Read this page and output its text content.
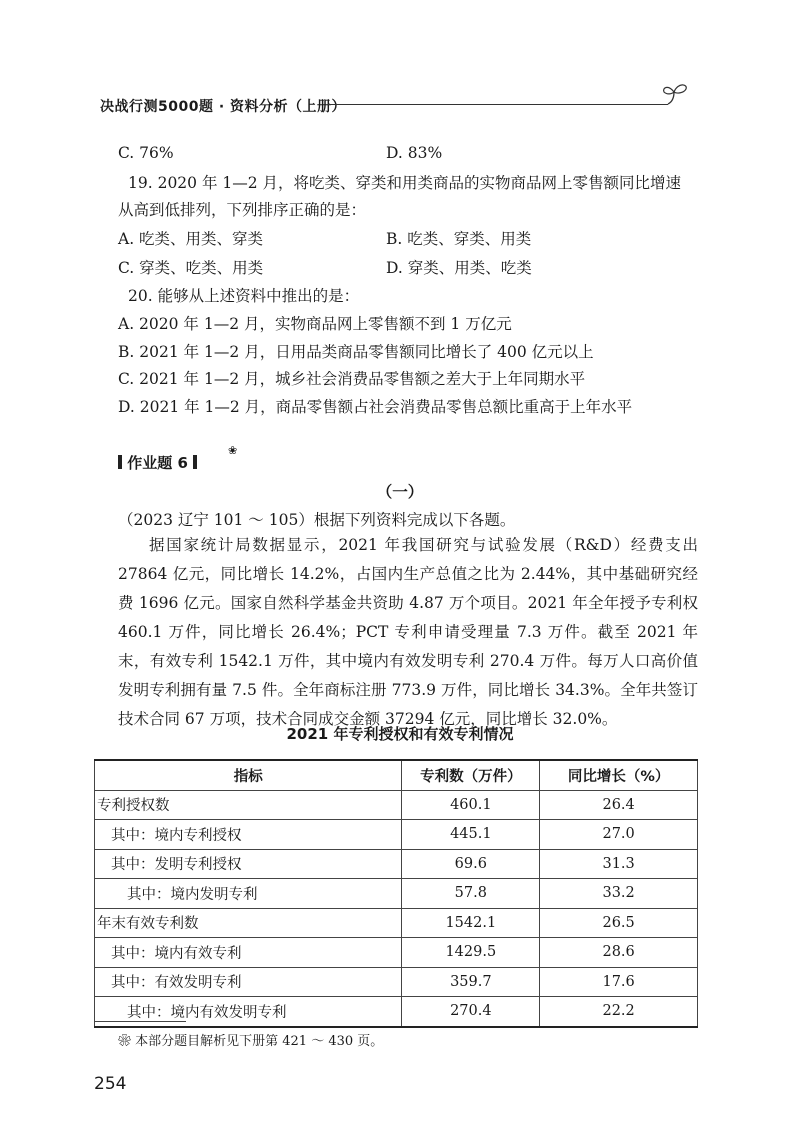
决战行测5000题 · 资料分析（上册）
C. 76%	D. 83%
19. 2020 年 1—2 月，将吃类、穿类和用类商品的实物商品网上零售额同比增速
从高到低排列，下列排序正确的是：
A. 吃类、用类、穿类	B. 吃类、穿类、用类
C. 穿类、吃类、用类	D. 穿类、用类、吃类
20. 能够从上述资料中推出的是：
A. 2020 年 1—2 月，实物商品网上零售额不到 1 万亿元
B. 2021 年 1—2 月，日用品类商品零售额同比增长了 400 亿元以上
C. 2021 年 1—2 月，城乡社会消费品零售额之差大于上年同期水平
D. 2021 年 1—2 月，商品零售额占社会消费品零售总额比重高于上年水平
作业题 6
❀
（一）
（2023 辽宁 101 ～ 105）根据下列资料完成以下各题。
据国家统计局数据显示，2021 年我国研究与试验发展（R&D）经费支出 27864 亿元，同比增长 14.2%，占国内生产总值之比为 2.44%，其中基础研究经费 1696 亿元。国家自然科学基金共资助 4.87 万个项目。2021 年全年授予专利权 460.1 万件，同比增长 26.4%；PCT 专利申请受理量 7.3 万件。截至 2021 年末，有效专利 1542.1 万件，其中境内有效发明专利 270.4 万件。每万人口高价值发明专利拥有量 7.5 件。全年商标注册 773.9 万件，同比增长 34.3%。全年共签订技术合同 67 万项，技术合同成交金额 37294 亿元，同比增长 32.0%。
2021 年专利授权和有效专利情况
指标	专利数（万件）	同比增长（%）
专利授权数	460.1	26.4
其中：境内专利授权	445.1	27.0
其中：发明专利授权	69.6	31.3
其中：境内发明专利	57.8	33.2
年末有效专利数	1542.1	26.5
其中：境内有效专利	1429.5	28.6
其中：有效发明专利	359.7	17.6
其中：境内有效发明专利	270.4	22.2
❀ 本部分题目解析见下册第 421 ～ 430 页。
254
